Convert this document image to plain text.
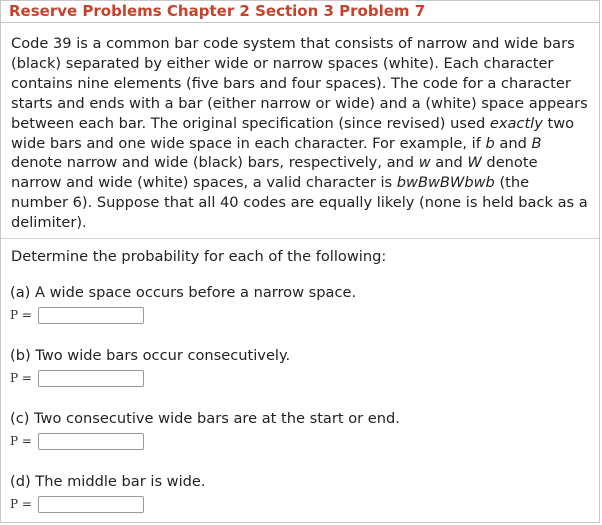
Reserve Problems Chapter 2 Section 3 Problem 7

Code 39 is a common bar code system that consists of narrow and wide bars (black) separated by either wide or narrow spaces (white). Each character contains nine elements (five bars and four spaces). The code for a character starts and ends with a bar (either narrow or wide) and a (white) space appears between each bar. The original specification (since revised) used exactly two wide bars and one wide space in each character. For example, if b and B denote narrow and wide (black) bars, respectively, and w and W denote narrow and wide (white) spaces, a valid character is bwBwBWbwb (the number 6). Suppose that all 40 codes are equally likely (none is held back as a delimiter).

Determine the probability for each of the following:

(a) A wide space occurs before a narrow space.
P =
(b) Two wide bars occur consecutively.
P =
(c) Two consecutive wide bars are at the start or end.
P =
(d) The middle bar is wide.
P =
